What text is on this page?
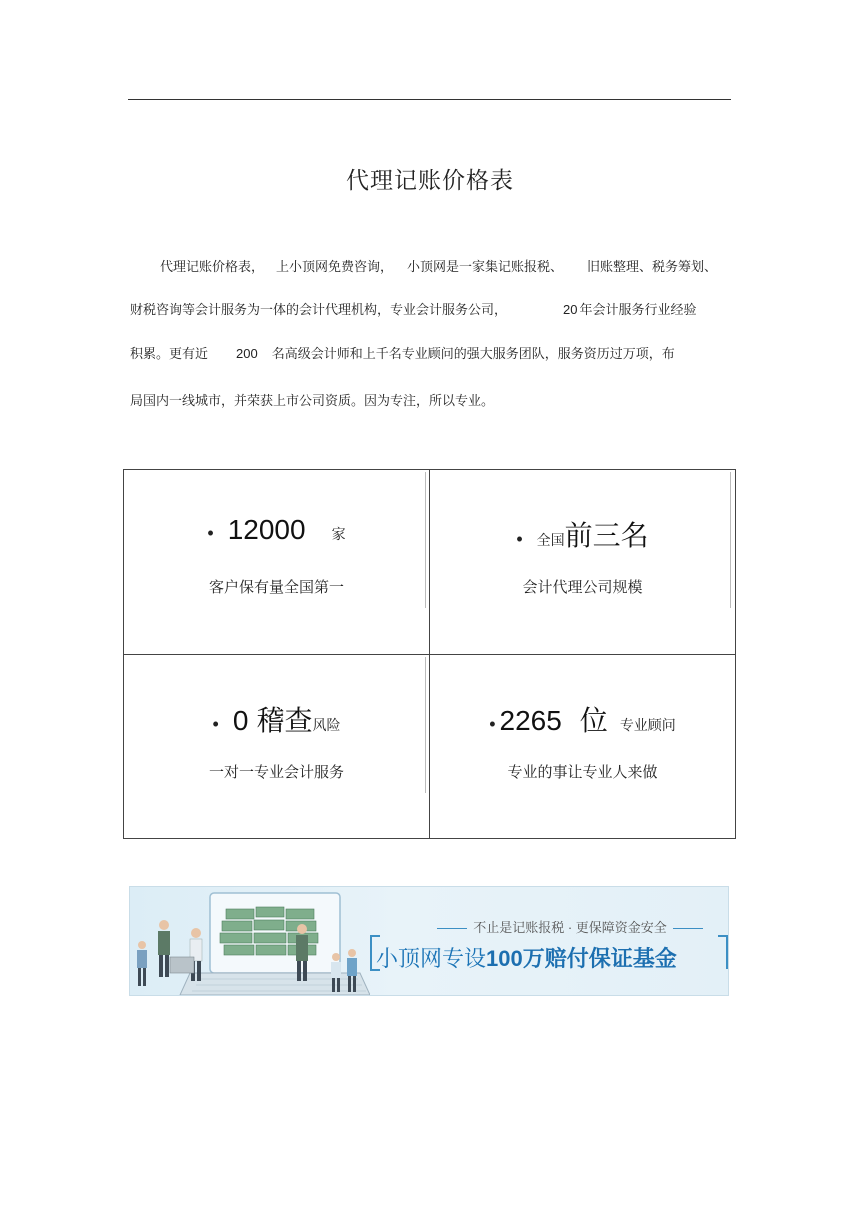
代理记账价格表
代理记账价格表， 上小顶网免费咨询， 小顶网是一家集记账报税、 旧账整理、税务筹划、
财税咨询等会计服务为一体的会计代理机构，专业会计服务公司，	20 年会计服务行业经验
积累。更有近 200 名高级会计师和上千名专业顾问的强大服务团队，服务资历过万项，布
局国内一线城市，并荣获上市公司资质。因为专注，所以专业。
• 12000 家
客户保有量全国第一
• 全国 前三名
会计代理公司规模
• 0 稽查 风险
一对一专业会计服务
• 2265 位 专业顾问
专业的事让专业人来做
不止是记账报税 · 更保障资金安全
小顶网专设100万赔付保证基金
